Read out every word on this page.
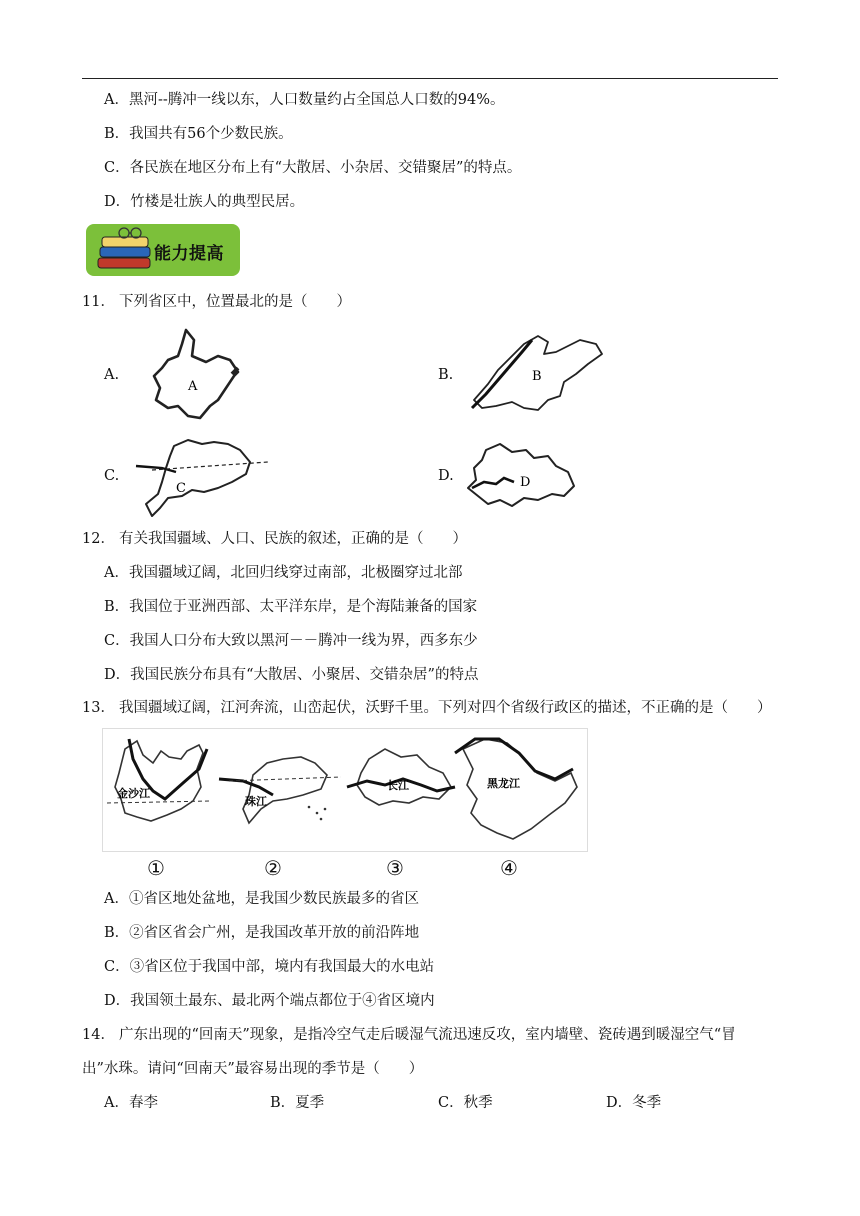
A．黑河--腾冲一线以东，人口数量约占全国总人口数的94%。
B．我国共有56个少数民族。
C．各民族在地区分布上有“大散居、小杂居、交错聚居”的特点。
D．竹楼是壮族人的典型民居。
能力提高
11． 下列省区中，位置最北的是（　　）
A.	B.
C.	D.
A
B
C	D
12． 有关我国疆域、人口、民族的叙述，正确的是（　　）
A．我国疆域辽阔，北回归线穿过南部，北极圈穿过北部
B．我国位于亚洲西部、太平洋东岸，是个海陆兼备的国家
C．我国人口分布大致以黑河－－腾冲一线为界，西多东少
D．我国民族分布具有“大散居、小聚居、交错杂居”的特点
13． 我国疆域辽阔，江河奔流，山峦起伏，沃野千里。下列对四个省级行政区的描述，不正确的是（　　）
金沙江
珠江
长江	黑龙江
①	②	③	④
A．①省区地处盆地，是我国少数民族最多的省区
B．②省区省会广州，是我国改革开放的前沿阵地
C．③省区位于我国中部，境内有我国最大的水电站
D．我国领土最东、最北两个端点都位于④省区境内
14． 广东出现的“回南天”现象，是指冷空气走后暖湿气流迅速反攻，室内墙壁、瓷砖遇到暖湿空气“冒
出”水珠。请问“回南天”最容易出现的季节是（　　）
A．春李	B．夏季	C．秋季	D．冬季
